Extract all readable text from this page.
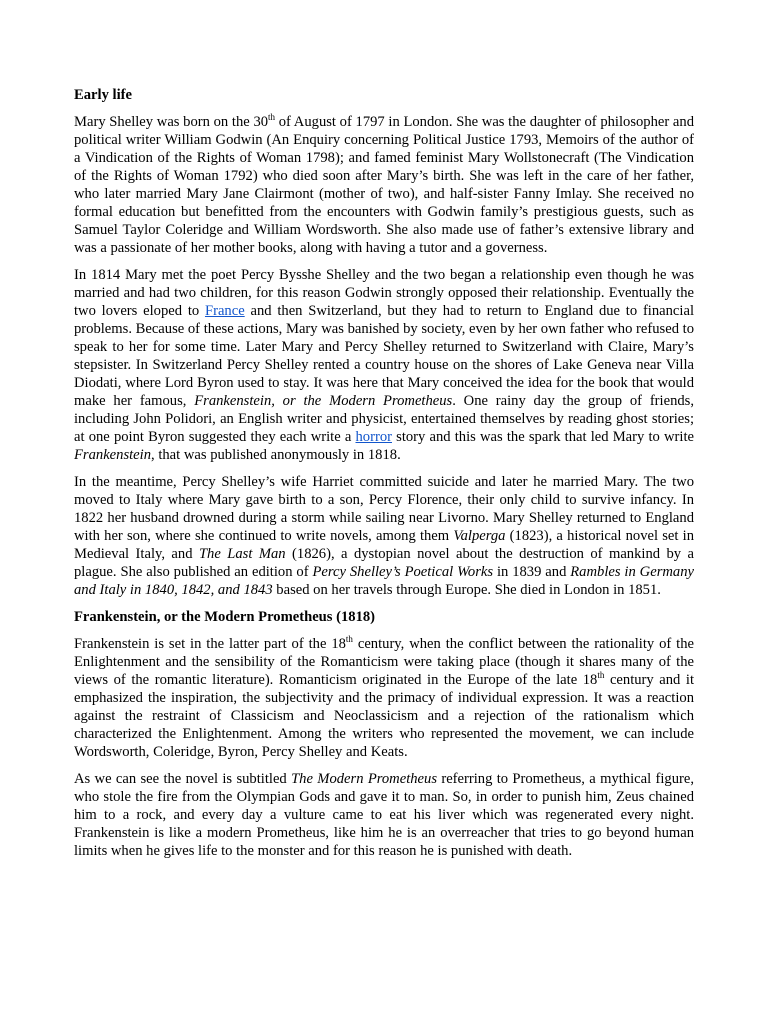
Early life

Mary Shelley was born on the 30th of August of 1797 in London. She was the daughter of philosopher and political writer William Godwin (An Enquiry concerning Political Justice 1793, Memoirs of the author of a Vindication of the Rights of Woman 1798); and famed feminist Mary Wollstonecraft (The Vindication of the Rights of Woman 1792) who died soon after Mary’s birth. She was left in the care of her father, who later married Mary Jane Clairmont (mother of two), and half-sister Fanny Imlay. She received no formal education but benefitted from the encounters with Godwin family’s prestigious guests, such as Samuel Taylor Coleridge and William Wordsworth. She also made use of father’s extensive library and was a passionate of her mother books, along with having a tutor and a governess.

In 1814 Mary met the poet Percy Bysshe Shelley and the two began a relationship even though he was married and had two children, for this reason Godwin strongly opposed their relationship. Eventually the two lovers eloped to France and then Switzerland, but they had to return to England due to financial problems. Because of these actions, Mary was banished by society, even by her own father who refused to speak to her for some time. Later Mary and Percy Shelley returned to Switzerland with Claire, Mary’s stepsister. In Switzerland Percy Shelley rented a country house on the shores of Lake Geneva near Villa Diodati, where Lord Byron used to stay. It was here that Mary conceived the idea for the book that would make her famous, Frankenstein, or the Modern Prometheus. One rainy day the group of friends, including John Polidori, an English writer and physicist, entertained themselves by reading ghost stories; at one point Byron suggested they each write a horror story and this was the spark that led Mary to write Frankenstein, that was published anonymously in 1818.

In the meantime, Percy Shelley’s wife Harriet committed suicide and later he married Mary. The two moved to Italy where Mary gave birth to a son, Percy Florence, their only child to survive infancy. In 1822 her husband drowned during a storm while sailing near Livorno. Mary Shelley returned to England with her son, where she continued to write novels, among them Valperga (1823), a historical novel set in Medieval Italy, and The Last Man (1826), a dystopian novel about the destruction of mankind by a plague. She also published an edition of Percy Shelley’s Poetical Works in 1839 and Rambles in Germany and Italy in 1840, 1842, and 1843 based on her travels through Europe. She died in London in 1851.

Frankenstein, or the Modern Prometheus (1818)

Frankenstein is set in the latter part of the 18th century, when the conflict between the rationality of the Enlightenment and the sensibility of the Romanticism were taking place (though it shares many of the views of the romantic literature). Romanticism originated in the Europe of the late 18th century and it emphasized the inspiration, the subjectivity and the primacy of individual expression. It was a reaction against the restraint of Classicism and Neoclassicism and a rejection of the rationalism which characterized the Enlightenment. Among the writers who represented the movement, we can include Wordsworth, Coleridge, Byron, Percy Shelley and Keats.

As we can see the novel is subtitled The Modern Prometheus referring to Prometheus, a mythical figure, who stole the fire from the Olympian Gods and gave it to man. So, in order to punish him, Zeus chained him to a rock, and every day a vulture came to eat his liver which was regenerated every night. Frankenstein is like a modern Prometheus, like him he is an overreacher that tries to go beyond human limits when he gives life to the monster and for this reason he is punished with death.
